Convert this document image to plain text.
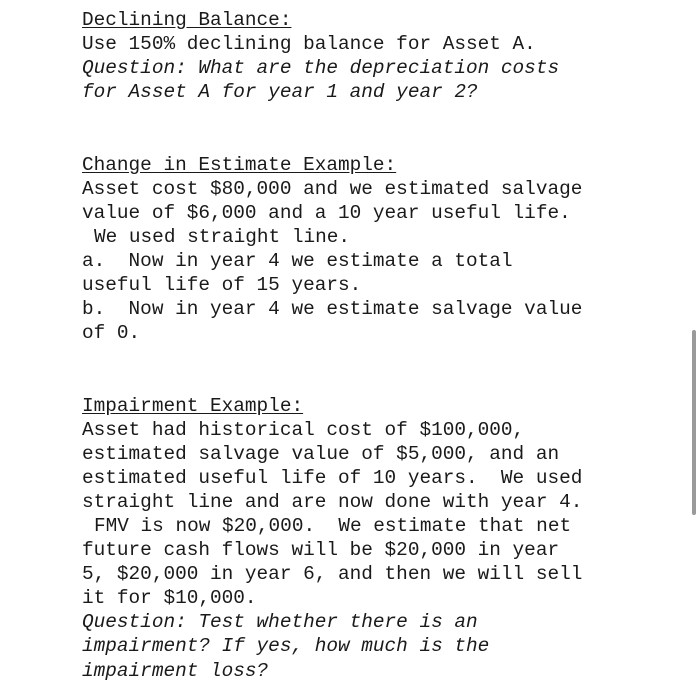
Declining Balance:
Use 150% declining balance for Asset A.
Question: What are the depreciation costs
for Asset A for year 1 and year 2?
Change in Estimate Example:
Asset cost $80,000 and we estimated salvage
value of $6,000 and a 10 year useful life.
We used straight line.
a.  Now in year 4 we estimate a total
useful life of 15 years.
b.  Now in year 4 we estimate salvage value
of 0.
Impairment Example:
Asset had historical cost of $100,000,
estimated salvage value of $5,000, and an
estimated useful life of 10 years.  We used
straight line and are now done with year 4.
FMV is now $20,000.  We estimate that net
future cash flows will be $20,000 in year
5, $20,000 in year 6, and then we will sell
it for $10,000.
Question: Test whether there is an
impairment? If yes, how much is the
impairment loss?
